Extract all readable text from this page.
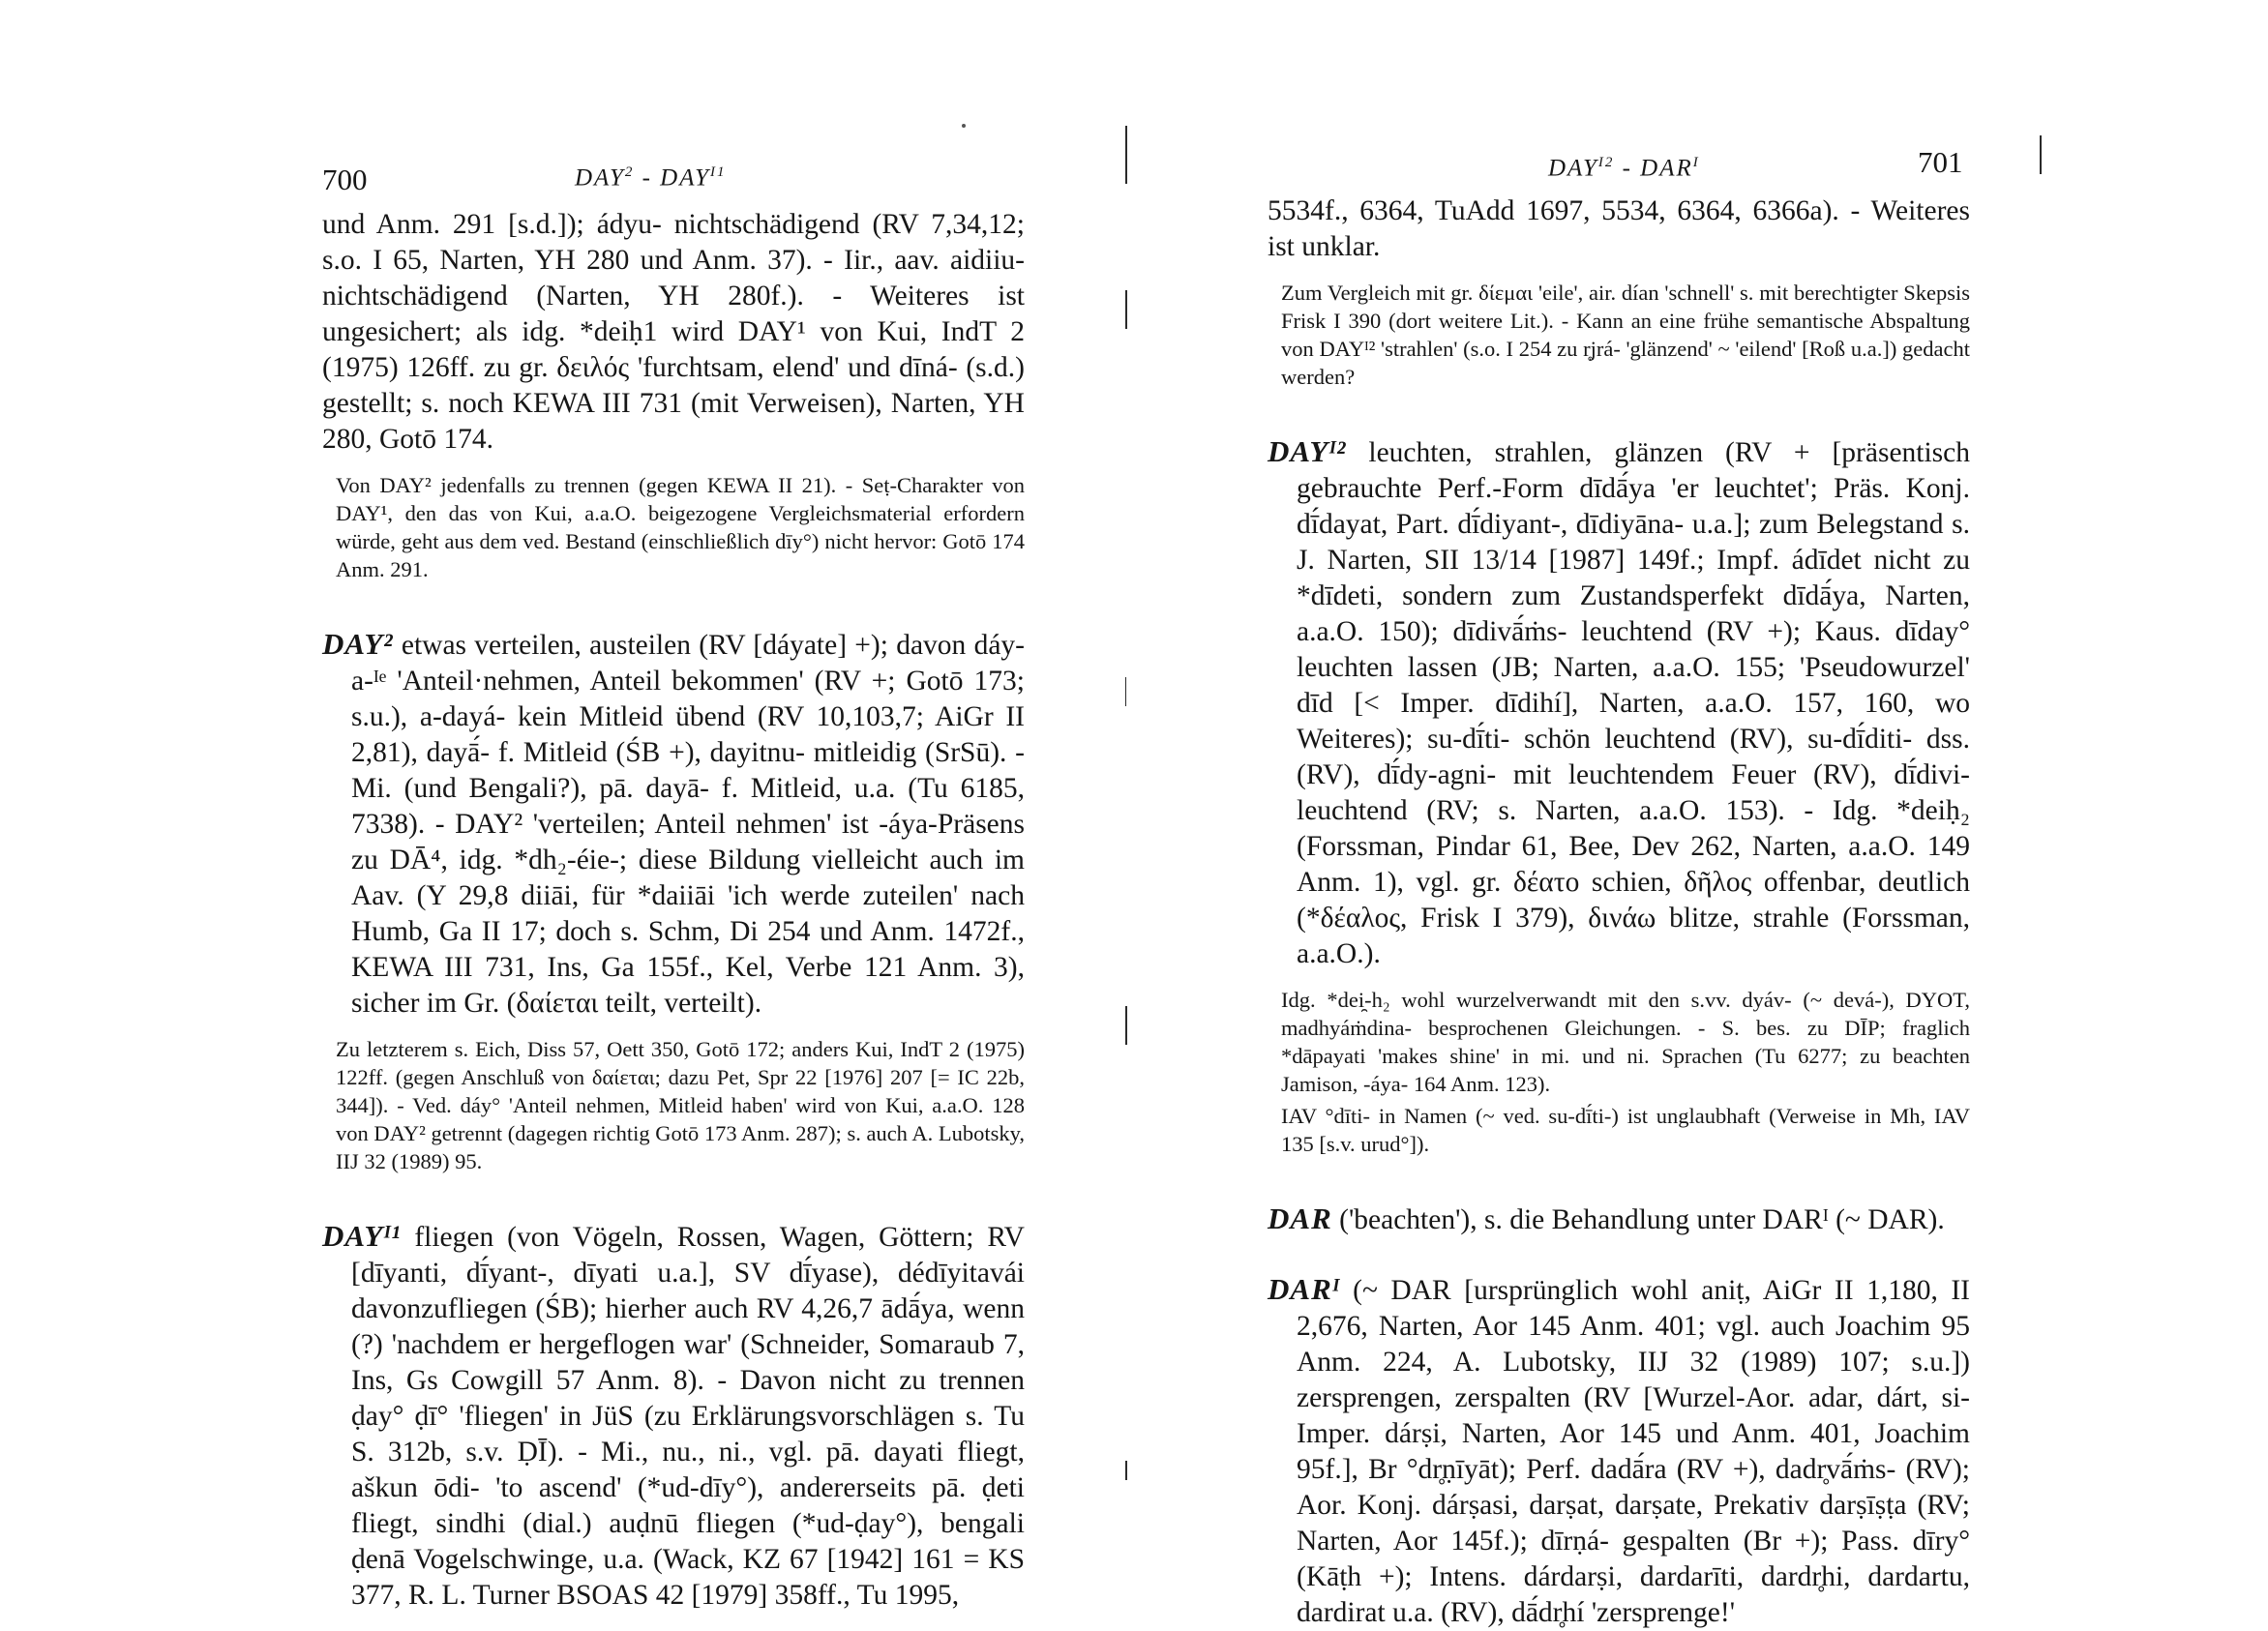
700	$DAY^2 - DAY^{I1}$

und Anm. 291 [s.d.]); ádyu- nichtschädigend (RV 7,34,12; s.o. I 65, Narten, YH 280 und Anm. 37). - Iir., aav. aidiiu- nichtschädigend (Narten, YH 280f.). - Weiteres ist ungesichert; als idg. *deiḥ1 wird DAY¹ von Kui, IndT 2 (1975) 126ff. zu gr. δειλός 'furchtsam, elend' und dīná- (s.d.) gestellt; s. noch KEWA III 731 (mit Verweisen), Narten, YH 280, Gotō 174.

Von DAY² jedenfalls zu trennen (gegen KEWA II 21). - Seṭ-Charakter von DAY¹, den das von Kui, a.a.O. beigezogene Vergleichsmaterial erfordern würde, geht aus dem ved. Bestand (einschließlich dīy°) nicht hervor: Gotō 174 Anm. 291.

DAY² etwas verteilen, austeilen (RV [dáyate] +); davon dáy-a-ᴵᵉ 'Anteil·nehmen, Anteil bekommen' (RV +; Gotō 173; s.u.), a-dayá- kein Mitleid übend (RV 10,103,7; AiGr II 2,81), dayā́- f. Mitleid (ŚB +), dayitnu- mitleidig (SrSū). - Mi. (und Bengali?), pā. dayā- f. Mitleid, u.a. (Tu 6185, 7338). - DAY² 'verteilen; Anteil nehmen' ist -áya-Präsens zu DĀ⁴, idg. *dh₂-éie-; diese Bildung vielleicht auch im Aav. (Y 29,8 diiāi, für *daiiāi 'ich werde zuteilen' nach Humb, Ga II 17; doch s. Schm, Di 254 und Anm. 1472f., KEWA III 731, Ins, Ga 155f., Kel, Verbe 121 Anm. 3), sicher im Gr. (δαίεται teilt, verteilt).

Zu letzterem s. Eich, Diss 57, Oett 350, Gotō 172; anders Kui, IndT 2 (1975) 122ff. (gegen Anschluß von δαίεται; dazu Pet, Spr 22 [1976] 207 [= IC 22b, 344]). - Ved. dáy° 'Anteil nehmen, Mitleid haben' wird von Kui, a.a.O. 128 von DAY² getrennt (dagegen richtig Gotō 173 Anm. 287); s. auch A. Lubotsky, IIJ 32 (1989) 95.

DAYᴵ¹ fliegen (von Vögeln, Rossen, Wagen, Göttern; RV [dīyanti, dī́yant-, dīyati u.a.], SV dī́yase), dédīyitavái davonzufliegen (ŚB); hierher auch RV 4,26,7 ādā́ya, wenn (?) 'nachdem er hergeflogen war' (Schneider, Somaraub 7, Ins, Gs Cowgill 57 Anm. 8). - Davon nicht zu trennen ḍay° ḍī° 'fliegen' in JüS (zu Erklärungsvorschlägen s. Tu S. 312b, s.v. ḌĪ). - Mi., nu., ni., vgl. pā. dayati fliegt, aškun ōdi- 'to ascend' (*ud-dīy°), andererseits pā. ḍeti fliegt, sindhi (dial.) auḍnū fliegen (*ud-ḍay°), bengali ḍenā Vogelschwinge, u.a. (Wack, KZ 67 [1942] 161 = KS 377, R. L. Turner BSOAS 42 [1979] 358ff., Tu 1995,

$DAY^{I2} - DAR^I$	701

5534f., 6364, TuAdd 1697, 5534, 6364, 6366a). - Weiteres ist unklar.

Zum Vergleich mit gr. δίεμαι 'eile', air. dían 'schnell' s. mit berechtigter Skepsis Frisk I 390 (dort weitere Lit.). - Kann an eine frühe semantische Abspaltung von DAYᴵ² 'strahlen' (s.o. I 254 zu r̥jrá- 'glänzend' ~ 'eilend' [Roß u.a.]) gedacht werden?

DAYᴵ² leuchten, strahlen, glänzen (RV + [präsentisch gebrauchte Perf.-Form dīdā́ya 'er leuchtet'; Präs. Konj. dī́dayat, Part. dī́diyant-, dīdiyāna- u.a.]; zum Belegstand s. J. Narten, SII 13/14 [1987] 149f.; Impf. ádīdet nicht zu *dīdeti, sondern zum Zustandsperfekt dīdā́ya, Narten, a.a.O. 150); dīdivā́ṁs- leuchtend (RV +); Kaus. dīday° leuchten lassen (JB; Narten, a.a.O. 155; 'Pseudowurzel' dīd [< Imper. dīdihí], Narten, a.a.O. 157, 160, wo Weiteres); su-dī́ti- schön leuchtend (RV), su-dī́diti- dss. (RV), dī́dy-agni- mit leuchtendem Feuer (RV), dī́divi- leuchtend (RV; s. Narten, a.a.O. 153). - Idg. *deiḥ₂ (Forssman, Pindar 61, Bee, Dev 262, Narten, a.a.O. 149 Anm. 1), vgl. gr. δέατο schien, δῆλος offenbar, deutlich (*δέαλος, Frisk I 379), δινάω blitze, strahle (Forssman, a.a.O.).

Idg. *dei̯-h₂ wohl wurzelverwandt mit den s.vv. dyáv- (~ devá-), DYOT, madhyáṁdina- besprochenen Gleichungen. - S. bes. zu DĪP; fraglich *dāpayati 'makes shine' in mi. und ni. Sprachen (Tu 6277; zu beachten Jamison, -áya- 164 Anm. 123).

IAV °dīti- in Namen (~ ved. su-dī́ti-) ist unglaubhaft (Verweise in Mh, IAV 135 [s.v. urud°]).

DAR ('beachten'), s. die Behandlung unter DARᴵ (~ DAR).

DARᴵ (~ DAR [ursprünglich wohl aniṭ, AiGr II 1,180, II 2,676, Narten, Aor 145 Anm. 401; vgl. auch Joachim 95 Anm. 224, A. Lubotsky, IIJ 32 (1989) 107; s.u.]) zersprengen, zerspalten (RV [Wurzel-Aor. adar, dárt, si-Imper. dárṣi, Narten, Aor 145 und Anm. 401, Joachim 95f.], Br °dr̥ṇīyāt); Perf. dadā́ra (RV +), dadr̥vā́ṁs- (RV); Aor. Konj. dárṣasi, darṣat, darṣate, Prekativ darṣīṣṭa (RV; Narten, Aor 145f.); dīrṇá- gespalten (Br +); Pass. dīry° (Kāṭh +); Intens. dárdarṣi, dardarīti, dardr̥hi, dardartu, dardirat u.a. (RV), dā́dr̥hí 'zersprenge!'
